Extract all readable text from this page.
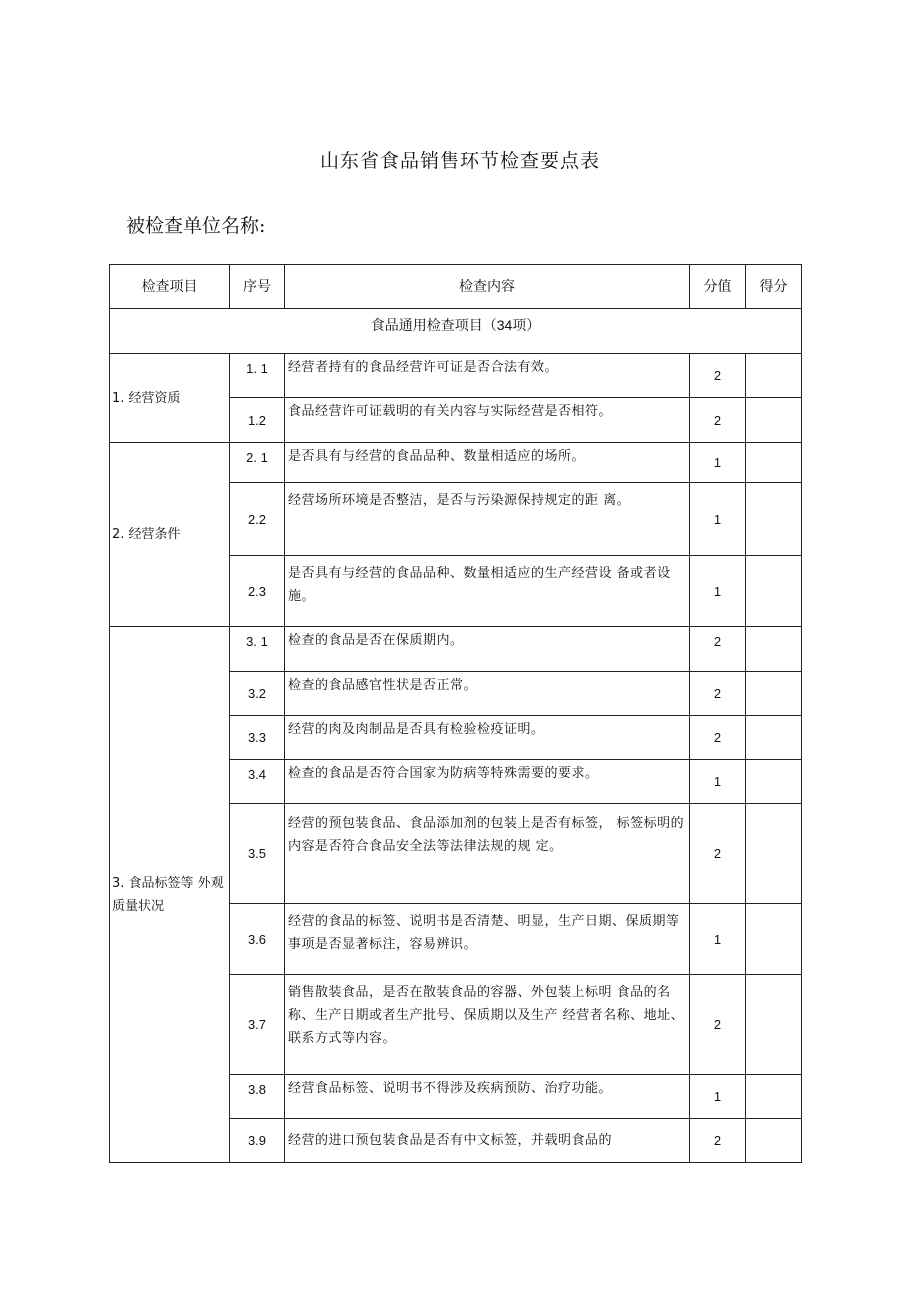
山东省食品销售环节检查要点表
被检查单位名称:
检查项目	序号	检查内容	分值	得分
食品通用检查项目（34项）				
1. 经营资质	1. 1	经营者持有的食品经营许可证是否合法有效。	2	
	1.2	食品经营许可证载明的有关内容与实际经营是否相符。	2	
2. 经营条件	2. 1	是否具有与经营的食品品种、数量相适应的场所。	1	
	2.2	经营场所环境是否整洁，是否与污染源保持规定的距 离。	1	
	2.3	是否具有与经营的食品品种、数量相适应的生产经营设 备或者设施。	1	
3. 食品标签等 外观质量状况	3. 1	检查的食品是否在保质期内。	2	
	3.2	检查的食品感官性状是否正常。	2	
	3.3	经营的肉及肉制品是否具有检验检疫证明。	2	
	3.4	检查的食品是否符合国家为防病等特殊需要的要求。	1	
	3.5	经营的预包装食品、食品添加剂的包装上是否有标签， 标签标明的内容是否符合食品安全法等法律法规的规 定。	2	
	3.6	经营的食品的标签、说明书是否清楚、明显，生产日期、保质期等事项是否显著标注，容易辨识。	1	
	3.7	销售散装食品，是否在散装食品的容器、外包装上标明 食品的名称、生产日期或者生产批号、保质期以及生产 经营者名称、地址、联系方式等内容。	2	
	3.8	经营食品标签、说明书不得涉及疾病预防、治疗功能。	1	
	3.9	经营的进口预包装食品是否有中文标签，并载明食品的	2	
